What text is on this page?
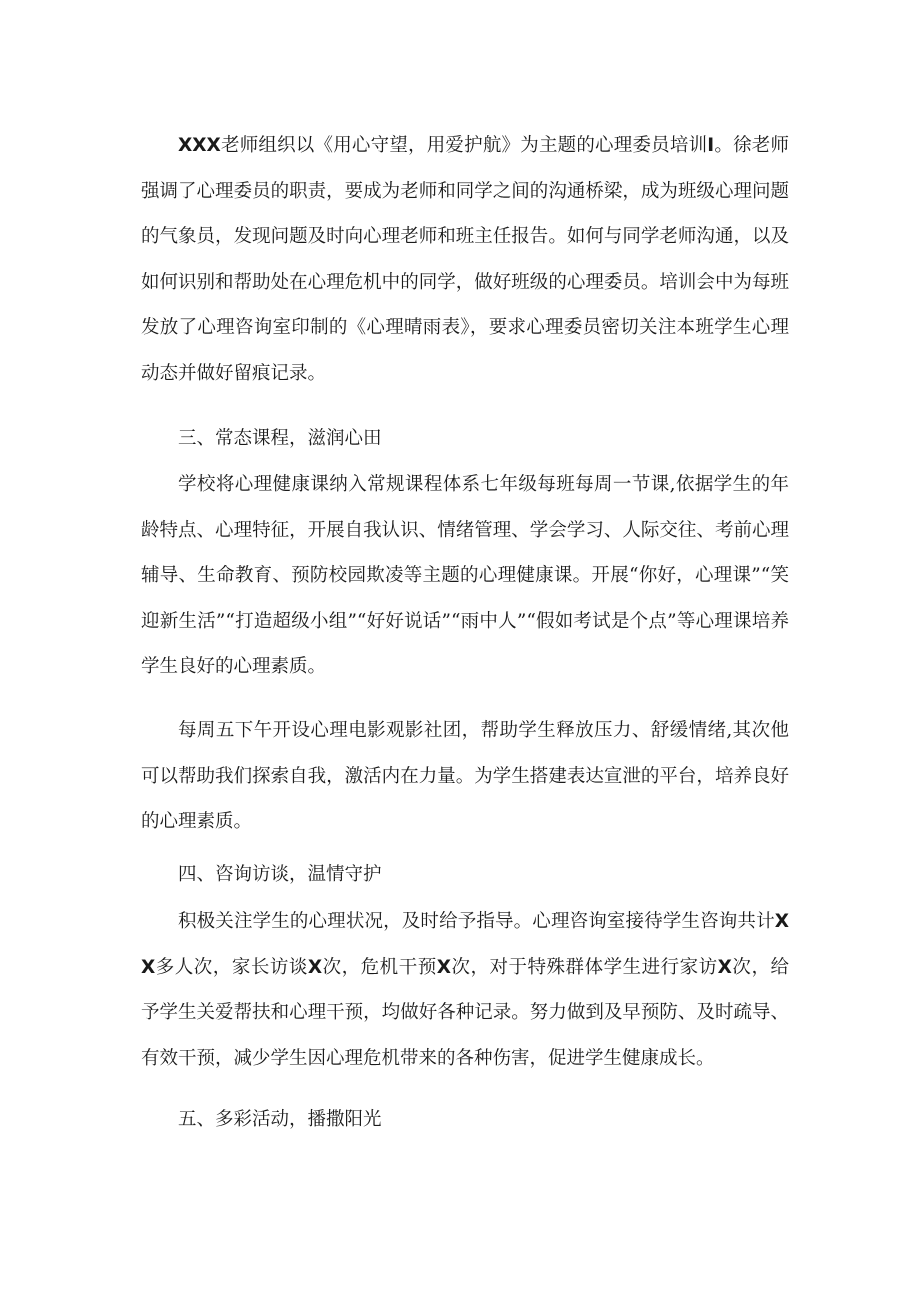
XXX老师组织以《用心守望，用爱护航》为主题的心理委员培训I。徐老师强调了心理委员的职责，要成为老师和同学之间的沟通桥梁，成为班级心理问题的气象员，发现问题及时向心理老师和班主任报告。如何与同学老师沟通，以及如何识别和帮助处在心理危机中的同学，做好班级的心理委员。培训会中为每班发放了心理咨询室印制的《心理晴雨表》，要求心理委员密切关注本班学生心理动态并做好留痕记录。

三、常态课程，滋润心田

学校将心理健康课纳入常规课程体系七年级每班每周一节课,依据学生的年龄特点、心理特征，开展自我认识、情绪管理、学会学习、人际交往、考前心理辅导、生命教育、预防校园欺凌等主题的心理健康课。开展“你好，心理课”“笑迎新生活”“打造超级小组”“好好说话”“雨中人”“假如考试是个点”等心理课培养学生良好的心理素质。

每周五下午开设心理电影观影社团，帮助学生释放压力、舒缓情绪,其次他可以帮助我们探索自我，激活内在力量。为学生搭建表达宣泄的平台，培养良好的心理素质。

四、咨询访谈，温情守护

积极关注学生的心理状况，及时给予指导。心理咨询室接待学生咨询共计XX多人次，家长访谈X次，危机干预X次，对于特殊群体学生进行家访X次，给予学生关爱帮扶和心理干预，均做好各种记录。努力做到及早预防、及时疏导、有效干预，减少学生因心理危机带来的各种伤害，促进学生健康成长。

五、多彩活动，播撒阳光
